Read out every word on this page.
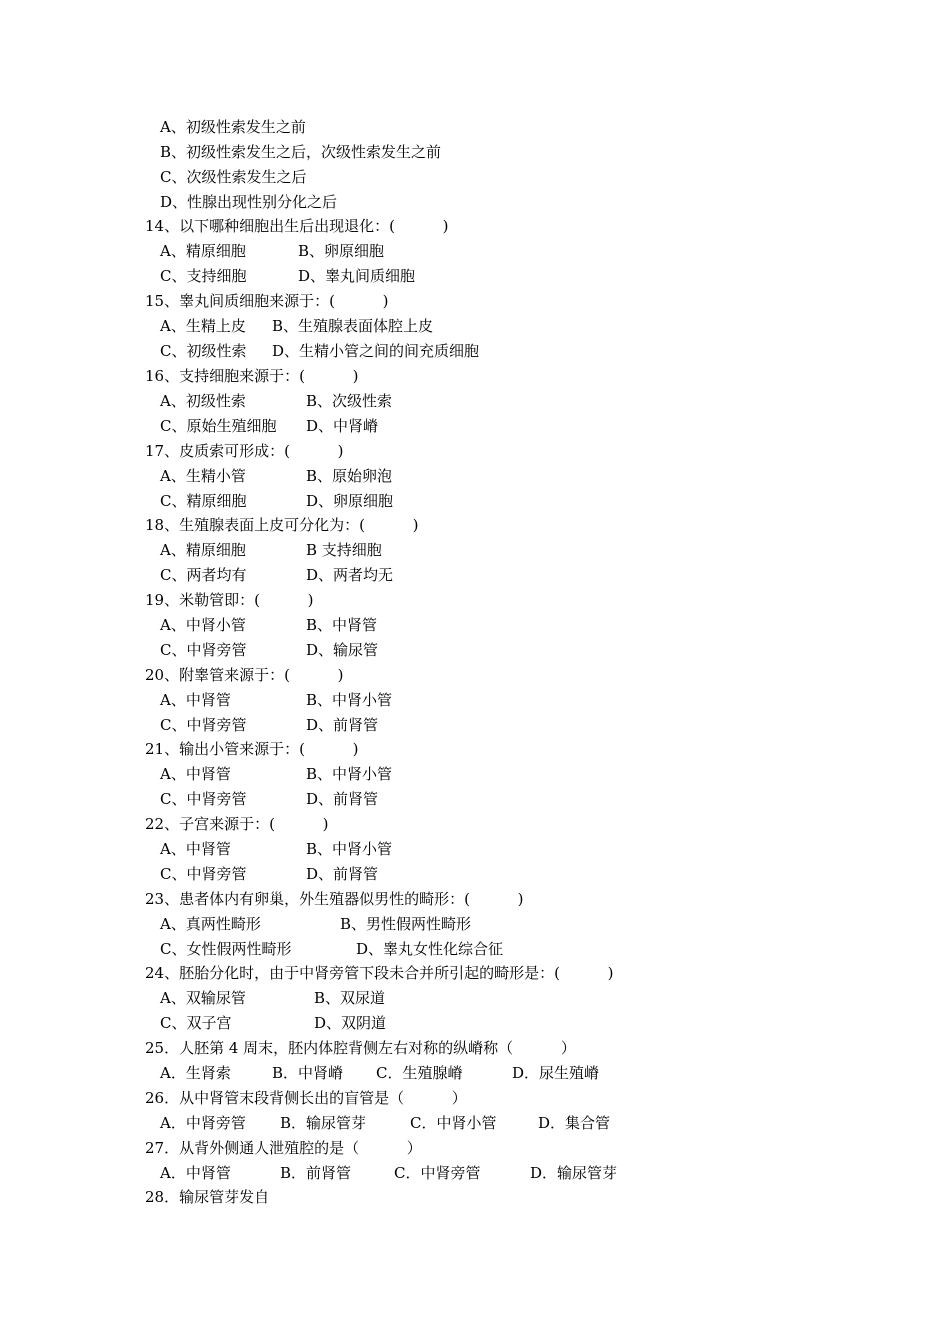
A、初级性索发生之前
B、初级性索发生之后，次级性索发生之前
C、次级性索发生之后
D、性腺出现性别分化之后
14、以下哪种细胞出生后出现退化：(          )
A、精原细胞	B、卵原细胞
C、支持细胞	D、睾丸间质细胞
15、睾丸间质细胞来源于：(          )
A、生精上皮 B、生殖腺表面体腔上皮
C、初级性索 D、生精小管之间的间充质细胞
16、支持细胞来源于：(          )
A、初级性索	B、次级性索
C、原始生殖细胞 D、中肾嵴
17、皮质索可形成：(          )
A、生精小管	B、原始卵泡
C、精原细胞	D、卵原细胞
18、生殖腺表面上皮可分化为：(          )
A、精原细胞	B 支持细胞
C、两者均有	D、两者均无
19、米勒管即：(          )
A、中肾小管	B、中肾管
C、中肾旁管	D、输尿管
20、附睾管来源于：(          )
A、中肾管	B、中肾小管
C、中肾旁管	D、前肾管
21、输出小管来源于：(          )
A、中肾管	B、中肾小管
C、中肾旁管	D、前肾管
22、子宫来源于：(          )
A、中肾管	B、中肾小管
C、中肾旁管	D、前肾管
23、患者体内有卵巢，外生殖器似男性的畸形：(          )
A、真两性畸形	B、男性假两性畸形
C、女性假两性畸形	D、睾丸女性化综合征
24、胚胎分化时，由于中肾旁管下段未合并所引起的畸形是：(          )
A、双输尿管	B、双尿道
C、双子宫	D、双阴道
25．人胚第 4 周末，胚内体腔背侧左右对称的纵嵴称（          ）
A．生肾索	B．中肾嵴 C．生殖腺嵴	D．尿生殖嵴
26．从中肾管末段背侧长出的盲管是（          ）
A．中肾旁管 B．输尿管芽	C．中肾小管	D．集合管
27．从背外侧通人泄殖腔的是（          ）
A．中肾管	B．前肾管	C．中肾旁管	D．输尿管芽
28．输尿管芽发自
